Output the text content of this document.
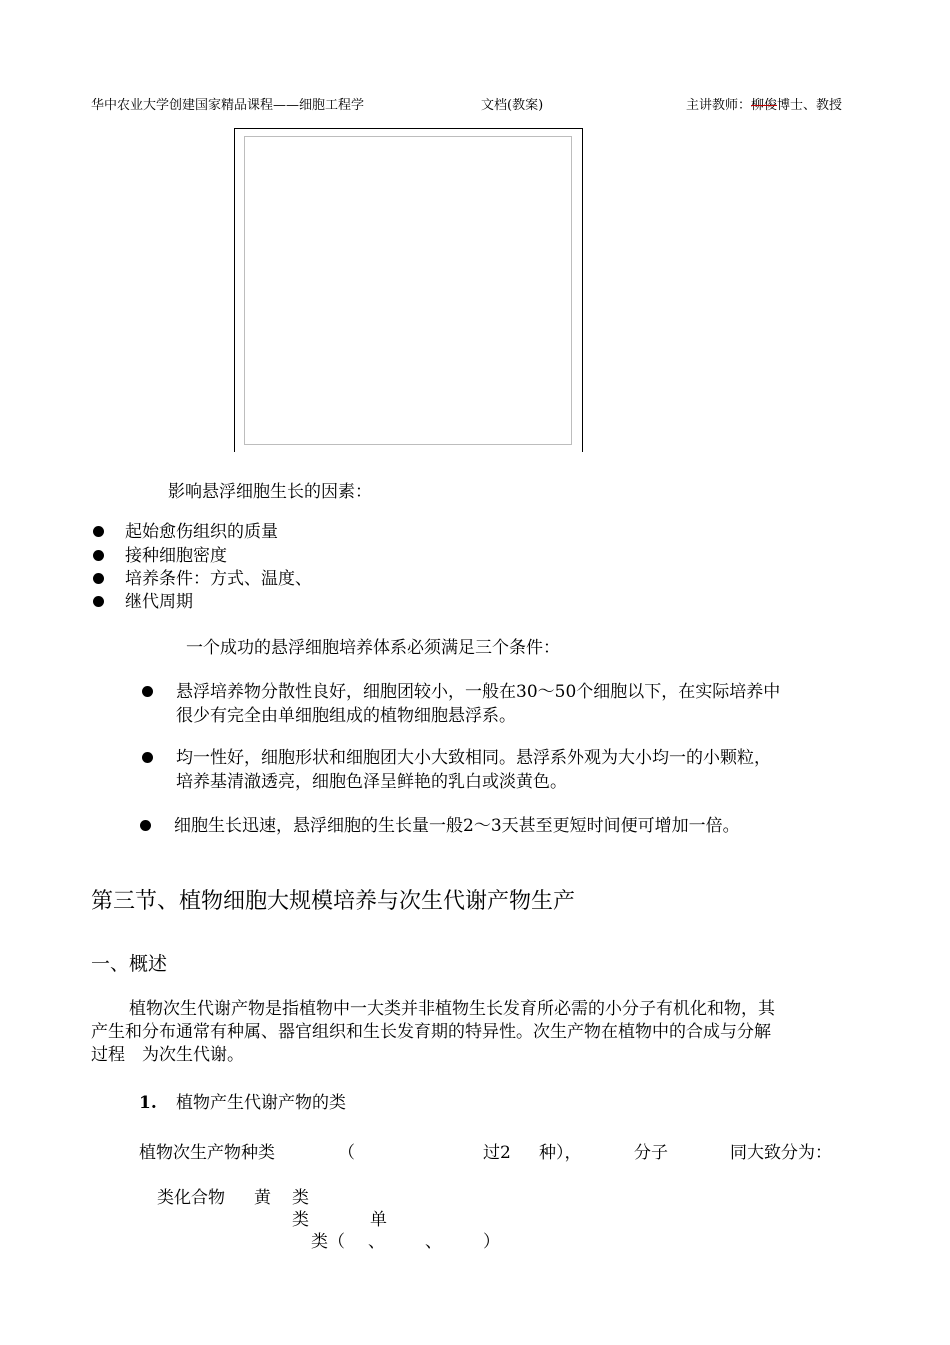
华中农业大学创建国家精品课程——细胞工程学	文档(教案)	主讲教师：柳俊博士、教授
影响悬浮细胞生长的因素：
起始愈伤组织的质量
接种细胞密度
培养条件：方式、温度、
继代周期
一个成功的悬浮细胞培养体系必须满足三个条件：
悬浮培养物分散性良好，细胞团较小，一般在30～50个细胞以下，在实际培养中
很少有完全由单细胞组成的植物细胞悬浮系。
均一性好，细胞形状和细胞团大小大致相同。悬浮系外观为大小均一的小颗粒，
培养基清澈透亮，细胞色泽呈鲜艳的乳白或淡黄色。
细胞生长迅速，悬浮细胞的生长量一般2～3天甚至更短时间便可增加一倍。
第三节、植物细胞大规模培养与次生代谢产物生产
一、概述
植物次生代谢产物是指植物中一大类并非植物生长发育所必需的小分子有机化和物，其
产生和分布通常有种属、器官组织和生长发育期的特异性。次生产物在植物中的合成与分解
过程　为次生代谢。
1. 植物产生代谢产物的类
植物次生产物种类	（	过2 种），	分子	同大致分为：
类化合物 黄 类
类	单
类（ 、 、 ）
